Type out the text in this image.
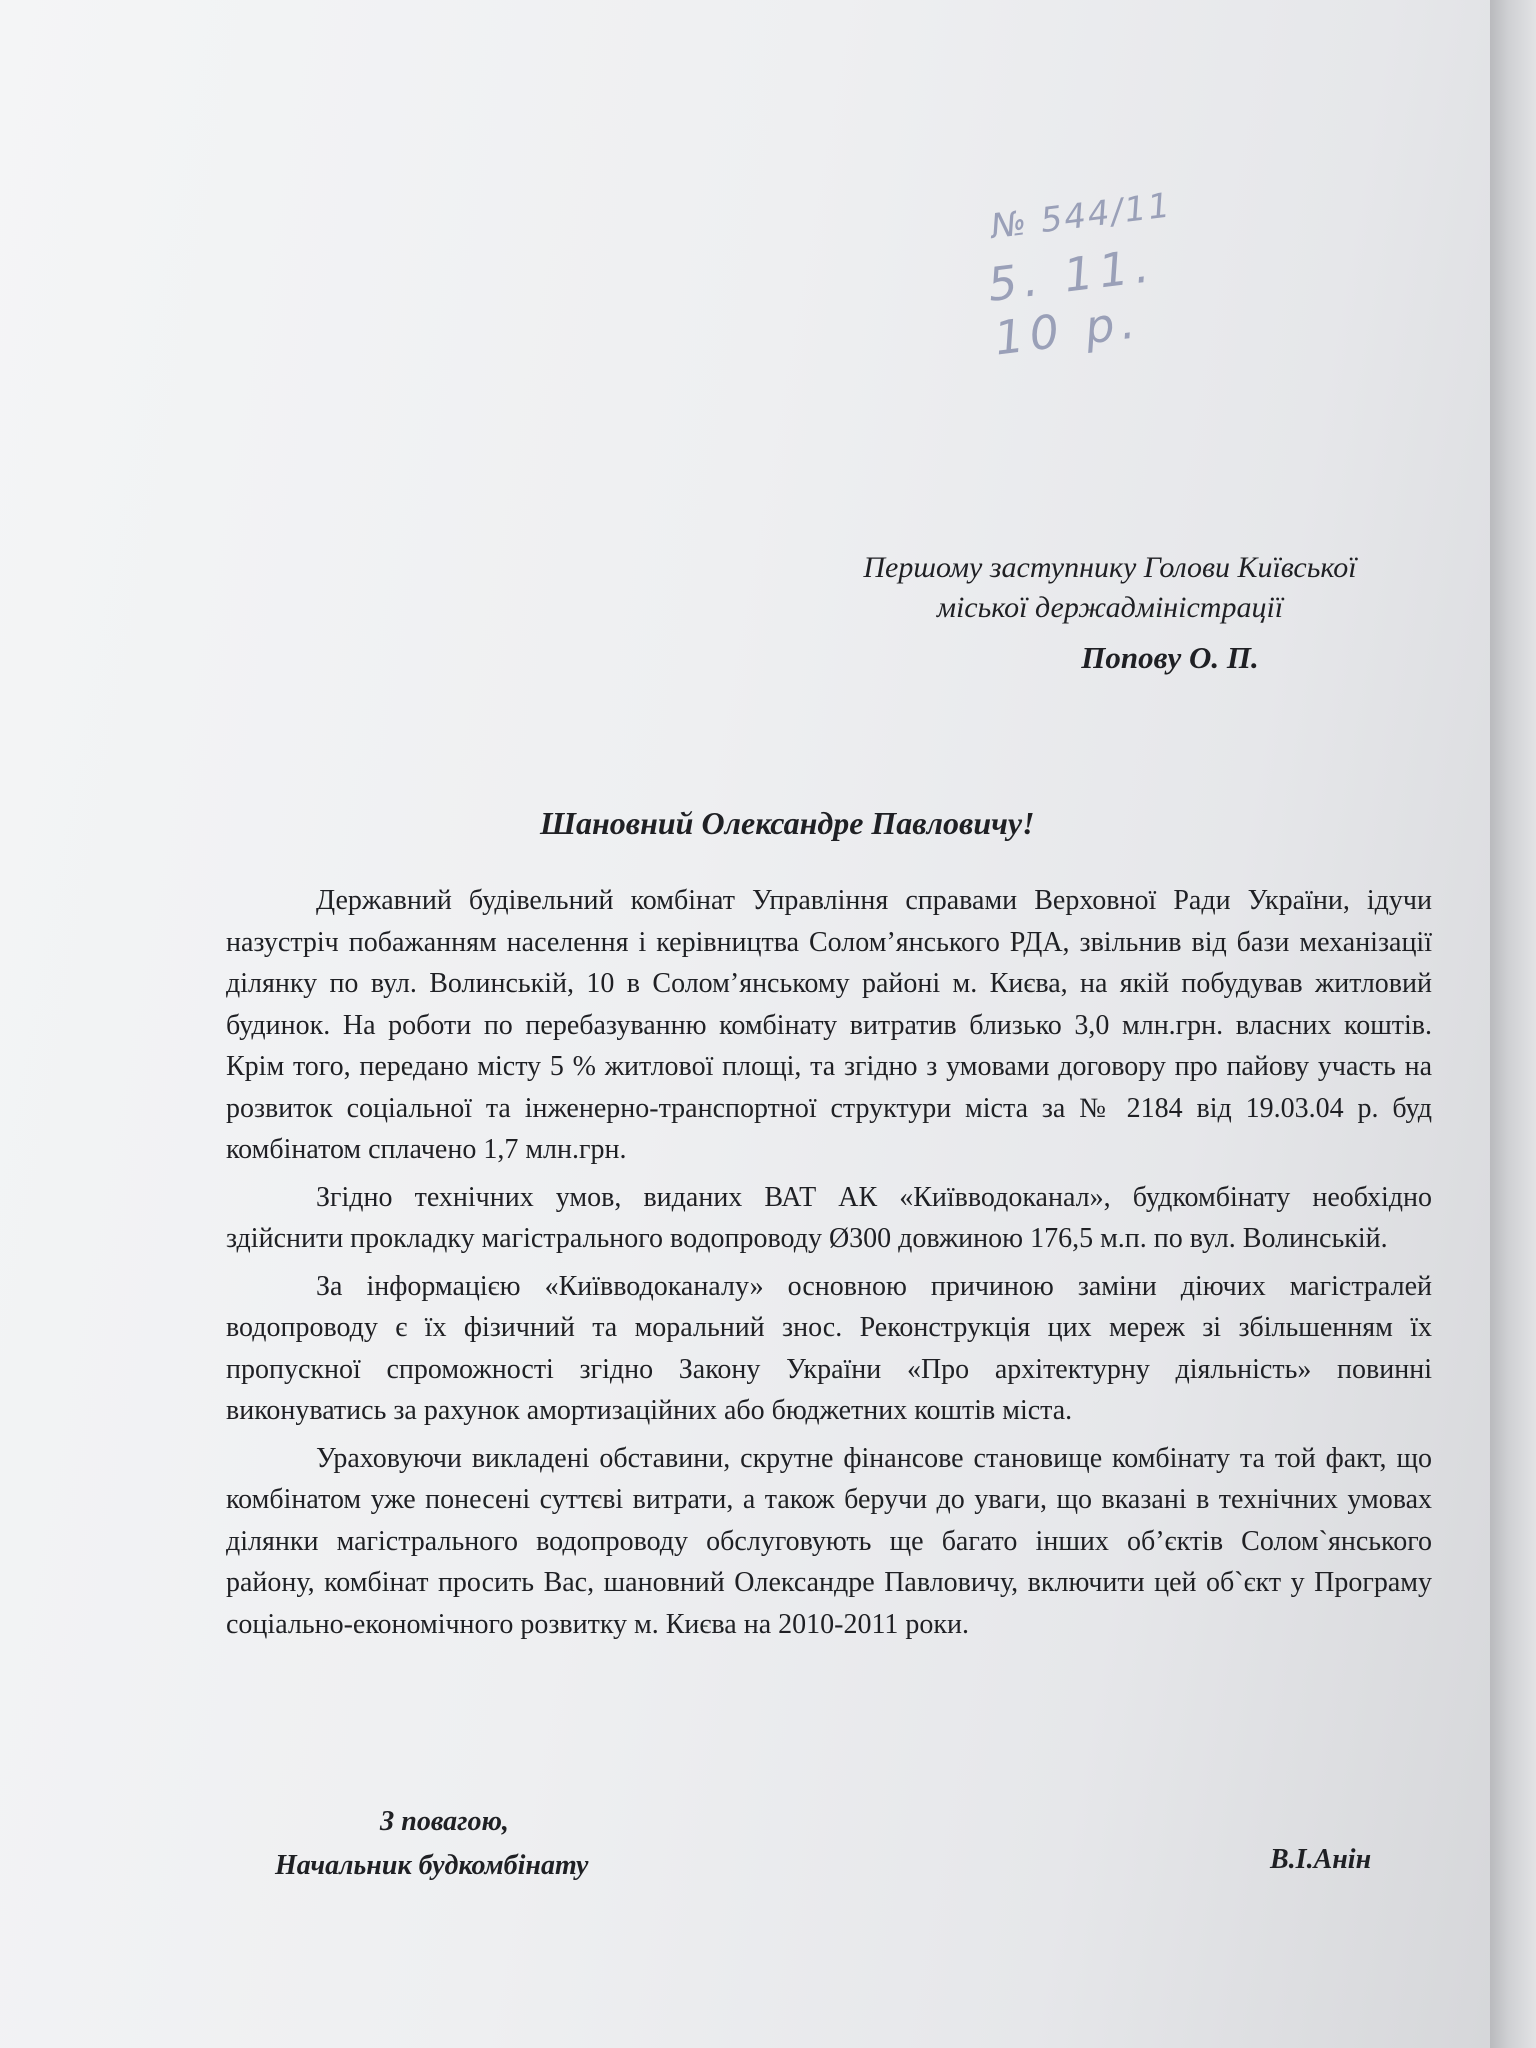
№ 544/11
5. 11. 10 р.
Першому заступнику Голови Київської
міської держадміністрації
Попову О. П.
Шановний Олександре Павловичу!

Державний будівельний комбінат Управління справами Верховної Ради України, ідучи назустріч побажанням населення і керівництва Солом’янського РДА, звільнив від бази механізації ділянку по вул. Волинській, 10 в Солом’янському районі м. Києва, на якій побудував житловий будинок. На роботи по перебазуванню комбінату витратив близько 3,0 млн.грн. власних коштів. Крім того, передано місту 5 % житлової площі, та згідно з умовами договору про пайову участь на розвиток соціальної та інженерно-транспортної структури міста за № 2184 від 19.03.04 р. буд комбінатом сплачено 1,7 млн.грн.

Згідно технічних умов, виданих ВАТ АК «Київводоканал», будкомбінату необхідно здійснити прокладку магістрального водопроводу Ø300 довжиною 176,5 м.п. по вул. Волинській.

За інформацією «Київводоканалу» основною причиною заміни діючих магістралей водопроводу є їх фізичний та моральний знос. Реконструкція цих мереж зі збільшенням їх пропускної спроможності згідно Закону України «Про архітектурну діяльність» повинні виконуватись за рахунок амортизаційних або бюджетних коштів міста.

Ураховуючи викладені обставини, скрутне фінансове становище комбінату та той факт, що комбінатом уже понесені суттєві витрати, а також беручи до уваги, що вказані в технічних умовах ділянки магістрального водопроводу обслуговують ще багато інших об’єктів Солом`янського району, комбінат просить Вас, шановний Олександре Павловичу, включити цей об`єкт у Програму соціально-економічного розвитку м. Києва на 2010-2011 роки.

З повагою,
Начальник будкомбінату	В.І.Анін
